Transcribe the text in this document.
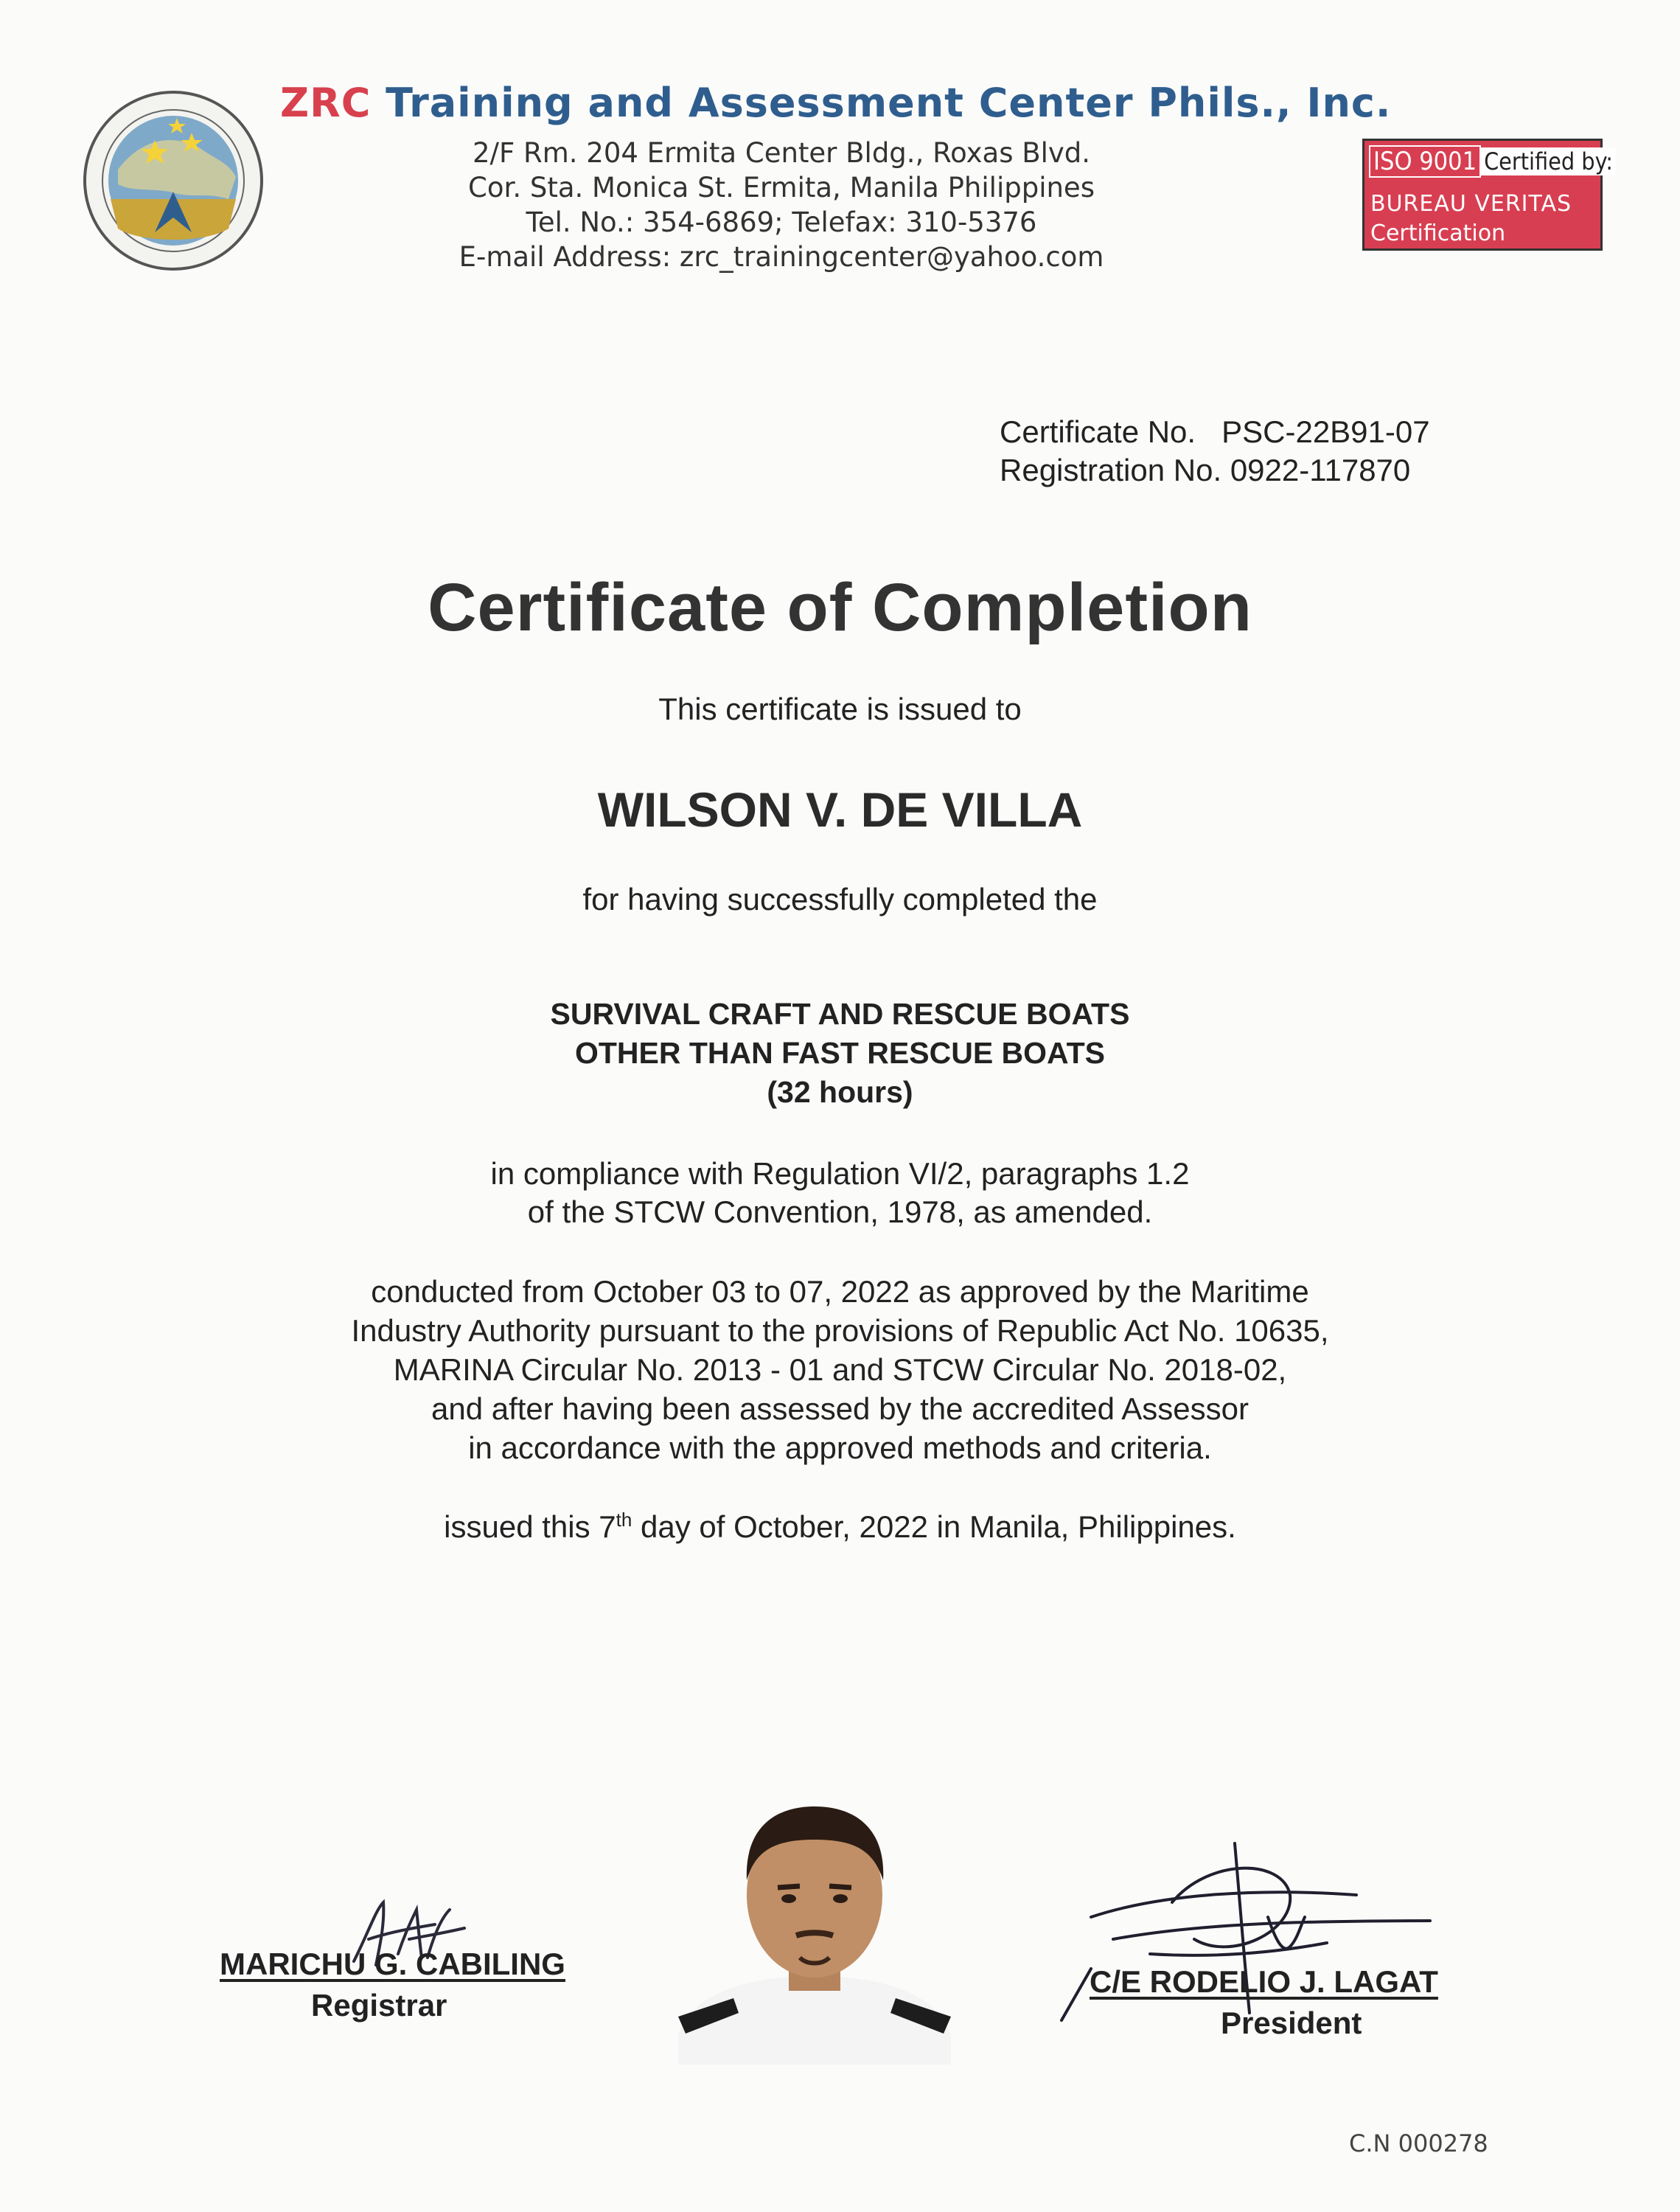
ZRC Training and Assessment Center Phils., Inc.
2/F Rm. 204 Ermita Center Bldg., Roxas Blvd.
Cor. Sta. Monica St. Ermita, Manila Philippines
Tel. No.: 354-6869; Telefax: 310-5376
E-mail Address: zrc_trainingcenter@yahoo.com
ISO 9001 Certified by:
BUREAU VERITAS
Certification
Certificate No. PSC-22B91-07
Registration No. 0922-117870
Certificate of Completion
This certificate is issued to
WILSON V. DE VILLA
for having successfully completed the
SURVIVAL CRAFT AND RESCUE BOATS
OTHER THAN FAST RESCUE BOATS
(32 hours)
in compliance with Regulation VI/2, paragraphs 1.2
of the STCW Convention, 1978, as amended.
conducted from October 03 to 07, 2022 as approved by the Maritime
Industry Authority pursuant to the provisions of Republic Act No. 10635,
MARINA Circular No. 2013 - 01 and STCW Circular No. 2018-02,
and after having been assessed by the accredited Assessor
in accordance with the approved methods and criteria.
issued this 7th day of October, 2022 in Manila, Philippines.
MARICHU G. CABILING
Registrar
C/E RODELIO J. LAGAT
President
C.N 000278
